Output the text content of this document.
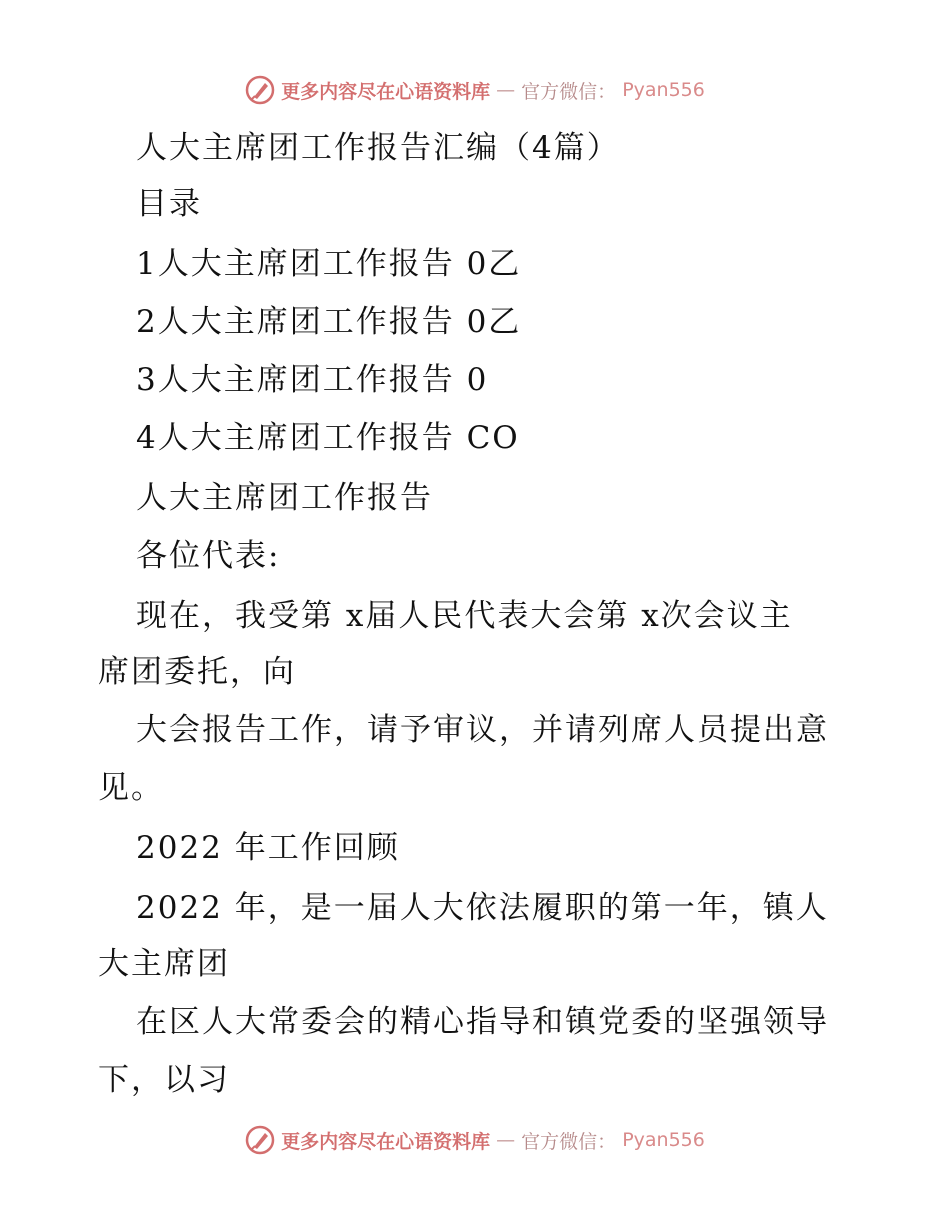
更多内容尽在心语资料库 — 官方微信： Pyan556
人大主席团工作报告汇编（4篇）
目录
1人大主席团工作报告 0乙
2人大主席团工作报告 0乙
3人大主席团工作报告 0
4人大主席团工作报告 CO
人大主席团工作报告
各位代表:
现在，我受第 x届人民代表大会第 x次会议主
席团委托，向
大会报告工作，请予审议，并请列席人员提出意
见。
2022 年工作回顾
2022 年，是一届人大依法履职的第一年，镇人
大主席团
在区人大常委会的精心指导和镇党委的坚强领导
下，以习
更多内容尽在心语资料库 — 官方微信： Pyan556
